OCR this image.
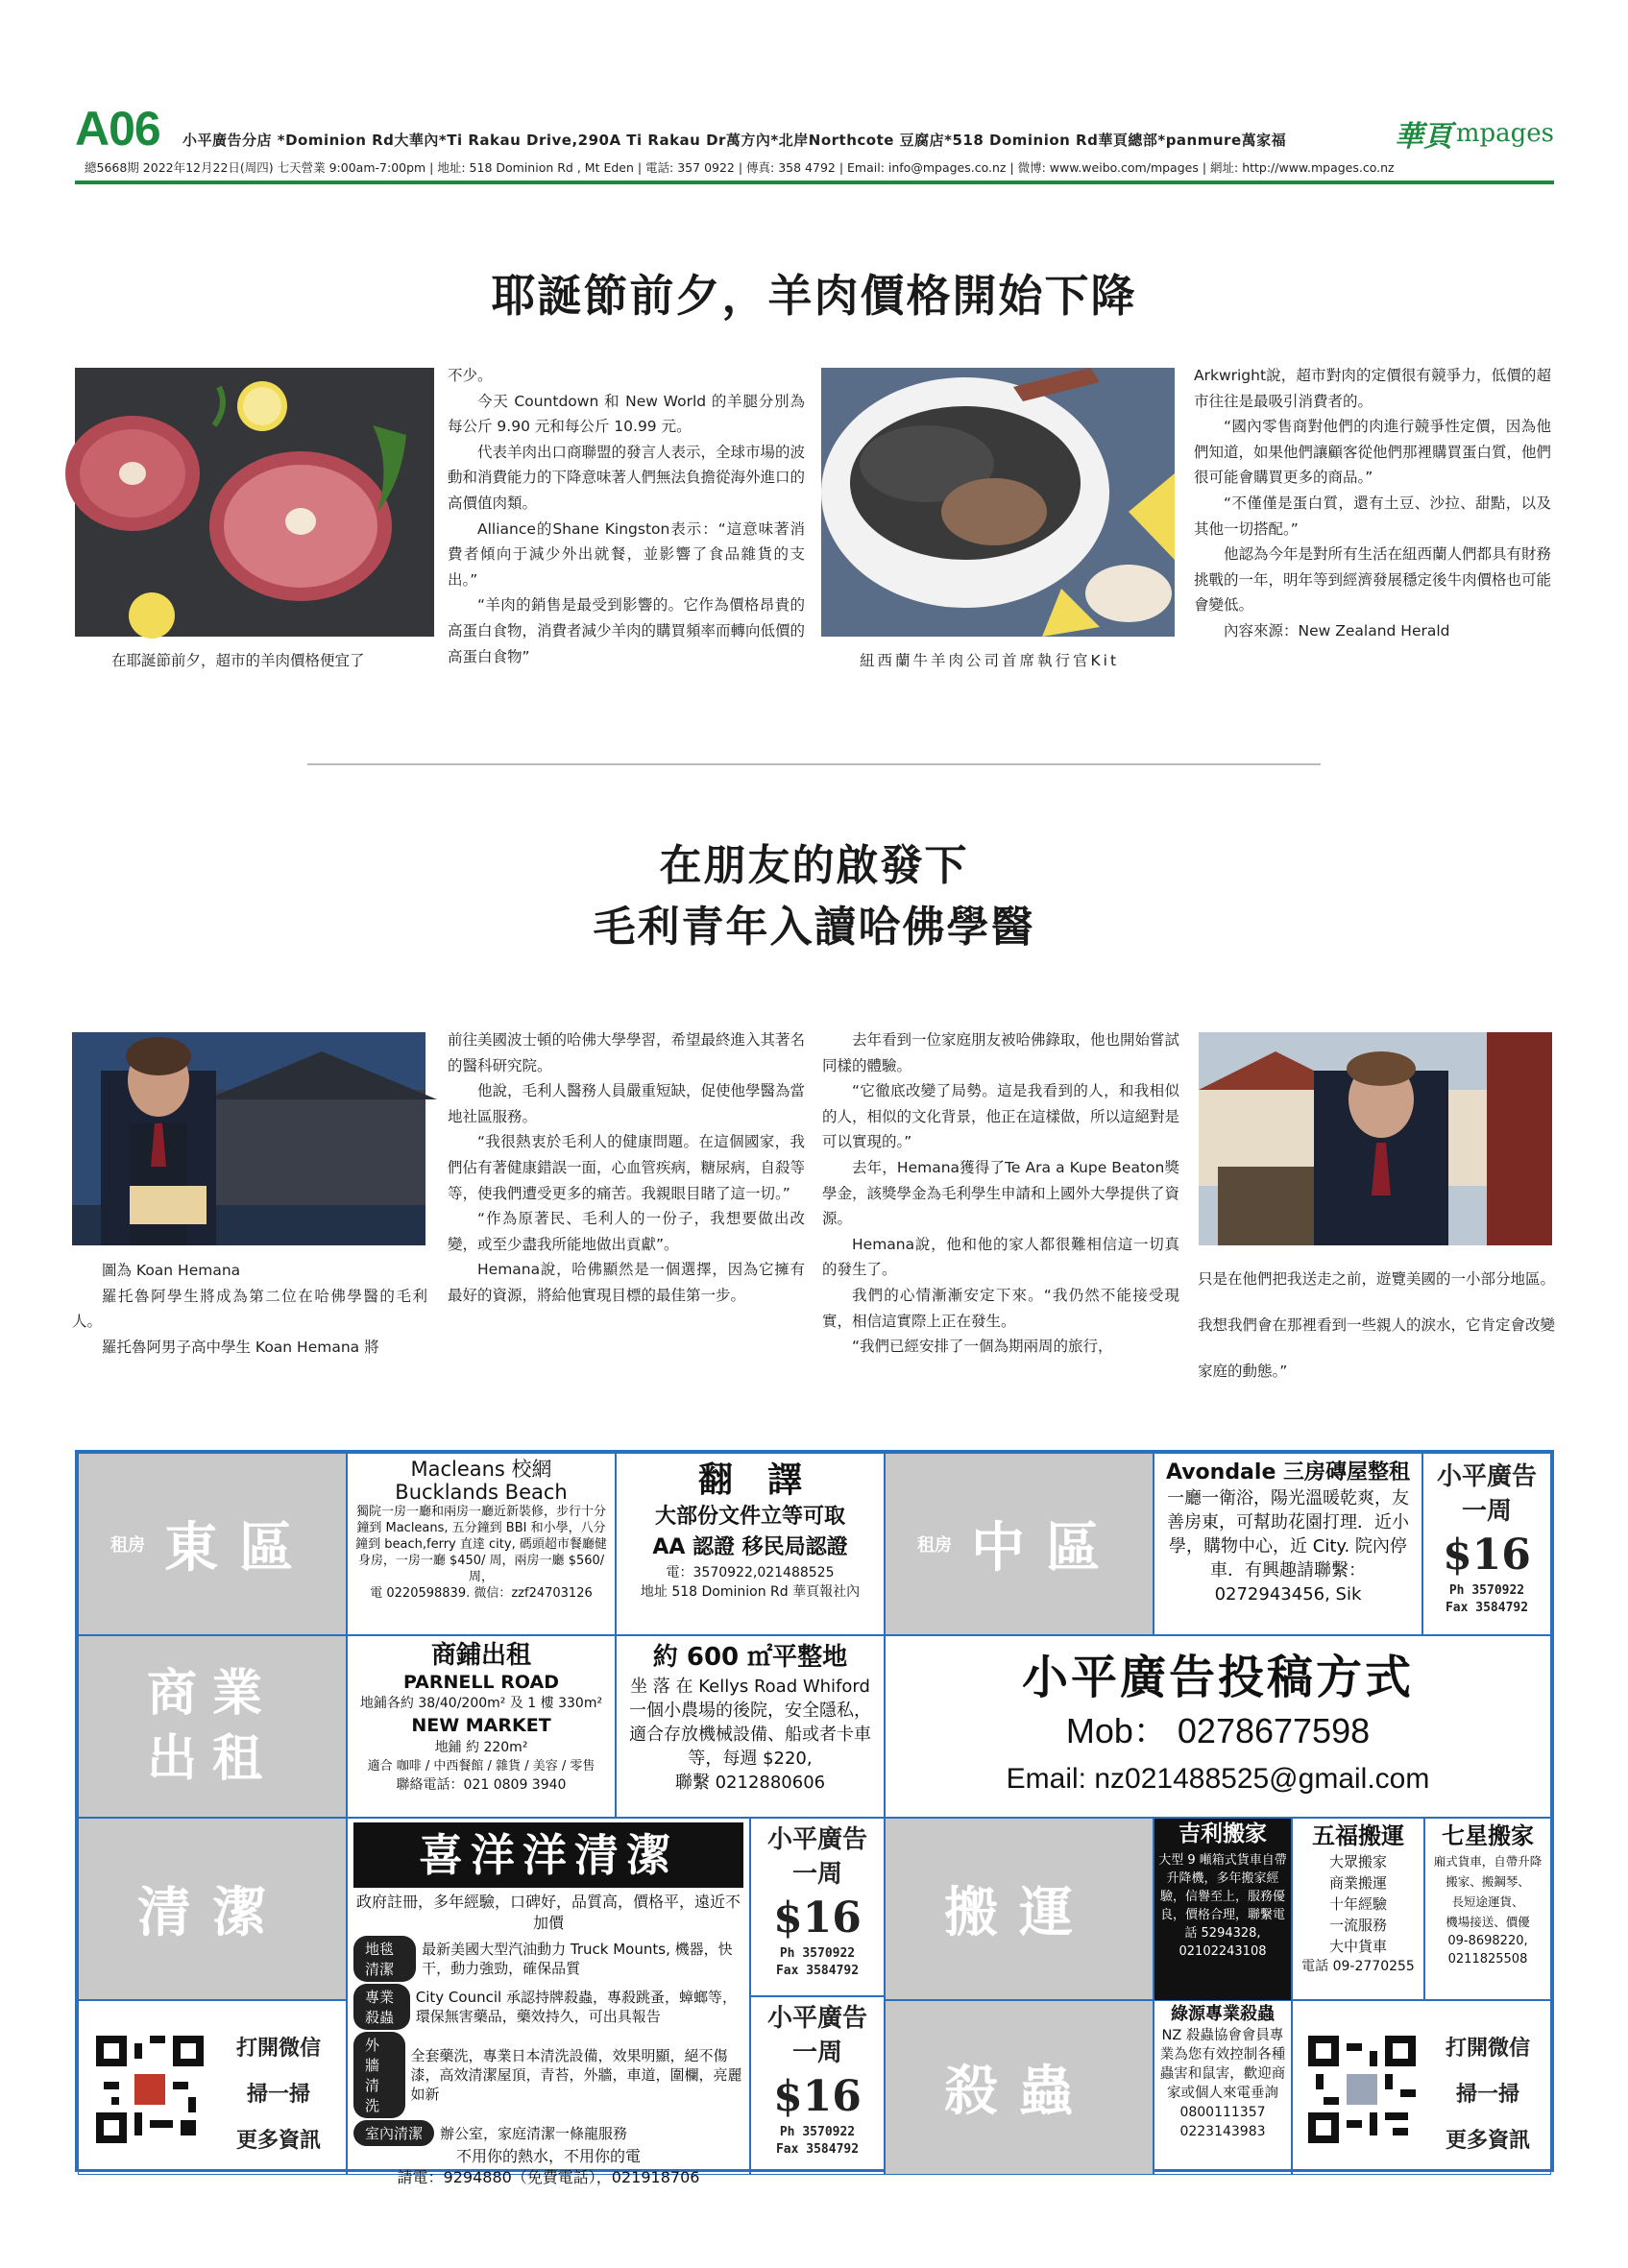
A06 小平廣告分店 *Dominion Rd大華內*Ti Rakau Drive,290A Ti Rakau Dr萬方內*北岸Northcote 豆腐店*518 Dominion Rd華頁總部*panmure萬家福
總5668期 2022年12月22日(周四) 七天營業 9:00am-7:00pm | 地址: 518 Dominion Rd , Mt Eden | 電話: 357 0922 | 傳真: 358 4792 | Email: info@mpages.co.nz | 微博: www.weibo.com/mpages | 網址: http://www.mpages.co.nz
華頁 mpages
耶誕節前夕，羊肉價格開始下降
在耶誕節前夕，超市的羊肉價格便宜了

不少。

今天 Countdown 和 New World 的羊腿分別為每公斤 9.90 元和每公斤 10.99 元。

代表羊肉出口商聯盟的發言人表示，全球市場的波動和消費能力的下降意味著人們無法負擔從海外進口的高價值肉類。

Alliance的Shane Kingston表示：“這意味著消費者傾向于減少外出就餐，並影響了食品雜貨的支出。”

“羊肉的銷售是最受到影響的。它作為價格昂貴的高蛋白食物，消費者減少羊肉的購買頻率而轉向低價的高蛋白食物”	紐西蘭牛羊肉公司首席執行官Kit

Arkwright說，超市對肉的定價很有競爭力，低價的超市往往是最吸引消費者的。

“國內零售商對他們的肉進行競爭性定價，因為他們知道，如果他們讓顧客從他們那裡購買蛋白質，他們很可能會購買更多的商品。”

“不僅僅是蛋白質，還有土豆、沙拉、甜點，以及其他一切搭配。”

他認為今年是對所有生活在紐西蘭人們都具有財務挑戰的一年，明年等到經濟發展穩定後牛肉價格也可能會變低。

內容來源：New Zealand Herald

在朋友的啟發下
毛利青年入讀哈佛學醫

圖為 Koan Hemana

羅托魯阿學生將成為第二位在哈佛學醫的毛利人。

羅托魯阿男子高中學生 Koan Hemana 將

前往美國波士頓的哈佛大學學習，希望最終進入其著名的醫科研究院。

他說，毛利人醫務人員嚴重短缺，促使他學醫為當地社區服務。

“我很熱衷於毛利人的健康問題。在這個國家，我們佔有著健康錯誤一面，心血管疾病，糖尿病，自殺等等，使我們遭受更多的痛苦。我親眼目睹了這一切。”

“作為原著民、毛利人的一份子，我想要做出改變，或至少盡我所能地做出貢獻”。

Hemana說，哈佛顯然是一個選擇，因為它擁有最好的資源，將給他實現目標的最佳第一步。

去年看到一位家庭朋友被哈佛錄取，他也開始嘗試同樣的體驗。

“它徹底改變了局勢。這是我看到的人，和我相似的人，相似的文化背景，他正在這樣做，所以這絕對是可以實現的。”

去年，Hemana獲得了Te Ara a Kupe Beaton獎學金，該獎學金為毛利學生申請和上國外大學提供了資源。

Hemana說，他和他的家人都很難相信這一切真的發生了。

我們的心情漸漸安定下來。“我仍然不能接受現實，相信這實際上正在發生。

“我們已經安排了一個為期兩周的旅行，

只是在他們把我送走之前，遊覽美國的一小部分地區。我想我們會在那裡看到一些親人的淚水，它肯定會改變家庭的動態。”

租房 東區
Macleans 校網
Bucklands Beach
獨院一房一廳和兩房一廳近新裝修，步行十分鐘到 Macleans, 五分鐘到 BBI 和小學，八分鐘到 beach,ferry 直達 city, 碼頭超市餐廳健身房，一房一廳 $450/ 周，兩房一廳 $560/ 周，
電 0220598839. 微信：zzf24703126
翻　譯
大部份文件立等可取
AA 認證 移民局認證
電：3570922,021488525
地址 518 Dominion Rd 華頁報社內
租房 中區
Avondale 三房磚屋整租
一廳一衛浴，陽光溫暖乾爽，友善房東，可幫助花園打理．近小學，購物中心，近 City. 院內停車．有興趣請聯繫：
0272943456, Sik
小平廣告
一周
$16
Ph 3570922
Fax 3584792
商業
出租
商鋪出租
PARNELL ROAD
地鋪各約 38/40/200m² 及 1 樓 330m²
NEW MARKET
地鋪 約 220m²
適合 咖啡 / 中西餐館 / 雜貨 / 美容 / 零售
聯絡電話：021 0809 3940
約 600 ㎡平整地
坐 落 在 Kellys Road Whiford 一個小農場的後院，安全隱私，適合存放機械設備、船或者卡車等，每週 $220,
聯繫 0212880606
小平廣告投稿方式
Mob： 0278677598
Email: nz021488525@gmail.com
清潔
喜洋洋清潔
政府註冊，多年經驗，口碑好，品質高，價格平，遠近不加價
地毯清潔
最新美國大型汽油動力 Truck Mounts, 機器，快干，動力強勁，確保品質
專業殺蟲
City Council 承認持牌殺蟲，專殺跳蚤，蟑螂等，環保無害藥品，藥效持久，可出具報告
外牆清洗
全套藥洗，專業日本清洗設備，效果明顯，絕不傷漆，高效清潔屋頂，青苔，外牆，車道，圍欄，亮麗如新
室內清潔	辦公室，家庭清潔一條龍服務
不用你的熱水，不用你的電
請電：9294880（免費電話），021918706
小平廣告
一周
$16
Ph 3570922
Fax 3584792
搬運
吉利搬家
大型 9 噸箱式貨車自帶升降機，多年搬家經驗，信譽至上，服務優良，價格合理，聯繫電話 5294328, 02102243108
五福搬運
大眾搬家
商業搬運
十年經驗
一流服務
大中貨車
電話 09-2770255
七星搬家
廂式貨車，自帶升降
搬家、搬鋼琴、
長短途運貨、
機場接送、價優
09-8698220,
0211825508
打開微信
掃一掃
更多資訊
小平廣告
一周
$16
Ph 3570922
Fax 3584792
殺蟲
綠源專業殺蟲
NZ 殺蟲協會會員專業為您有效控制各種蟲害和鼠害，歡迎商家或個人來電垂詢
0800111357
0223143983
打開微信
掃一掃
更多資訊
